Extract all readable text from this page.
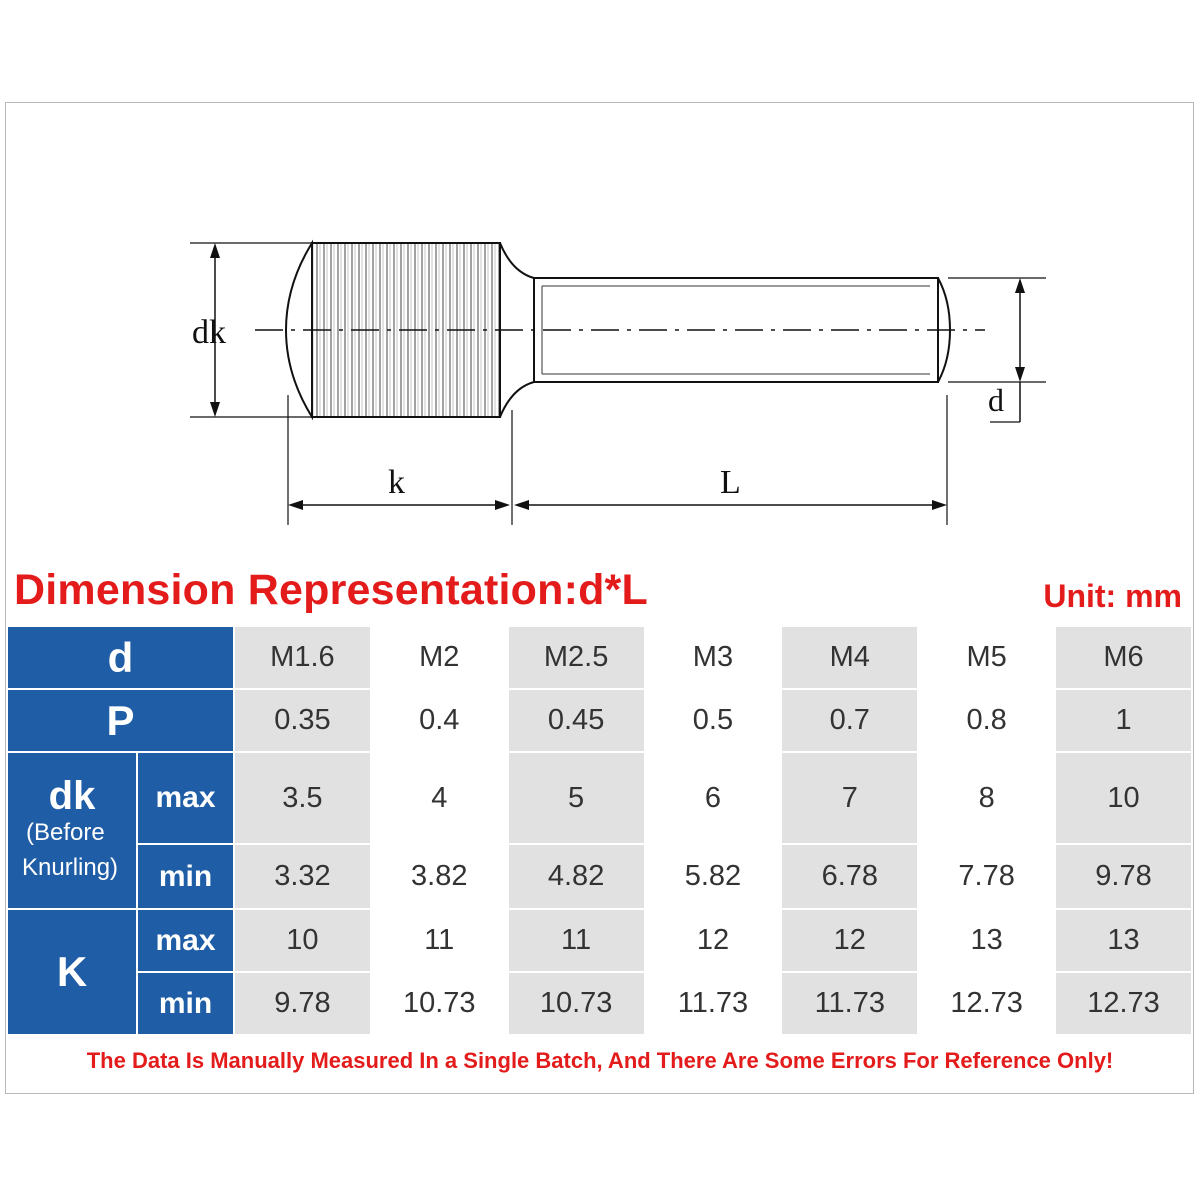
dk
d
k	L
Dimension Representation:d*L	Unit: mm
d		M1.6	M2	M2.5	M3	M4	M5	M6
P		0.35	0.4	0.45	0.5	0.7	0.8	1

dk
(Before
Knurling)	max	3.5	4	5	6	7	8	10
	min	3.32	3.82	4.82	5.82	6.78	7.78	9.78
K	max	10	11	11	12	12	13	13
	min	9.78	10.73	10.73	11.73	11.73	12.73	12.73
The Data Is Manually Measured In a Single Batch, And There Are Some Errors For Reference Only!
